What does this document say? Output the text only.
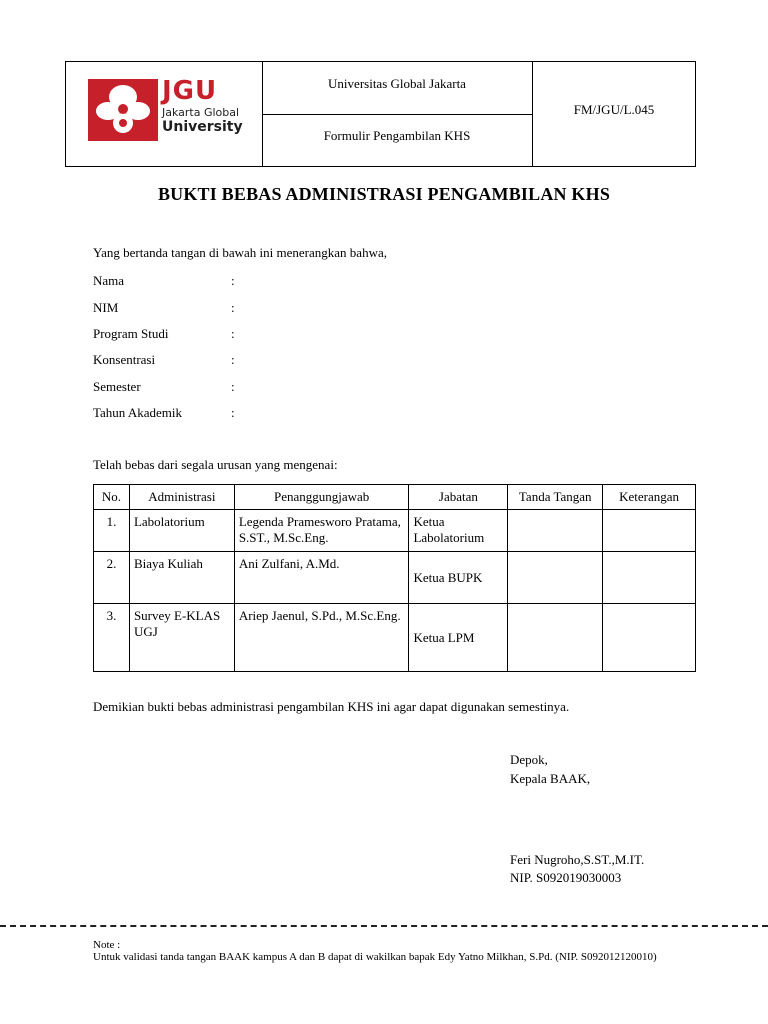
JGU
Jakarta Global
University
Universitas Global Jakarta
Formulir Pengambilan KHS
FM/JGU/L.045
BUKTI BEBAS ADMINISTRASI PENGAMBILAN KHS
Yang bertanda tangan di bawah ini menerangkan bahwa,
Nama	:
NIM	:
Program Studi	:
Konsentrasi	:
Semester	:
Tahun Akademik	:
Telah bebas dari segala urusan yang mengenai:
No.	Administrasi	Penanggungjawab	Jabatan	Tanda Tangan	Keterangan
1.	Labolatorium	Legenda Pramesworo Pratama, S.ST., M.Sc.Eng.	Ketua Labolatorium		
2.	Biaya Kuliah	Ani Zulfani, A.Md.	Ketua BUPK		
3.	Survey E-KLAS UGJ	Ariep Jaenul, S.Pd., M.Sc.Eng.	Ketua LPM		
Demikian bukti bebas administrasi pengambilan KHS ini agar dapat digunakan semestinya.
Depok,
Kepala BAAK,
Feri Nugroho,S.ST.,M.IT.
NIP. S092019030003
Note :
Untuk validasi tanda tangan BAAK kampus A dan B dapat di wakilkan bapak Edy Yatno Milkhan, S.Pd. (NIP. S092012120010)
